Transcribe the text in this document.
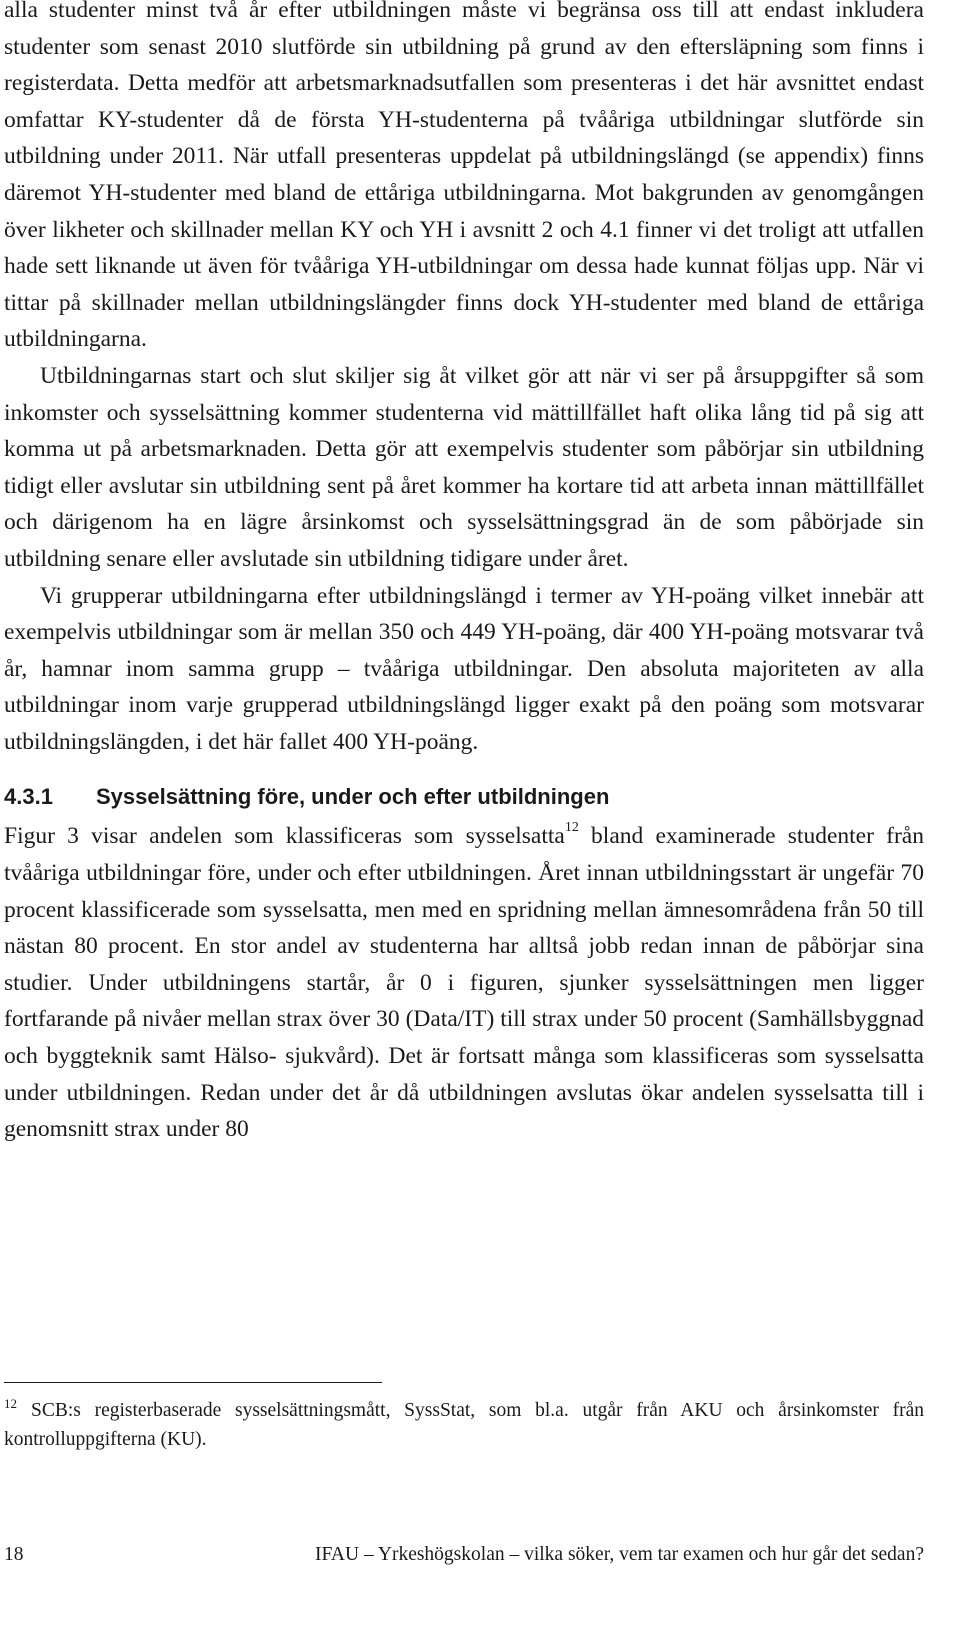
alla studenter minst två år efter utbildningen måste vi begränsa oss till att endast inkludera studenter som senast 2010 slutförde sin utbildning på grund av den eftersläpning som finns i registerdata. Detta medför att arbetsmarknadsutfallen som presenteras i det här avsnittet endast omfattar KY-studenter då de första YH-studenterna på tvååriga utbildningar slutförde sin utbildning under 2011. När utfall presenteras uppdelat på utbildningslängd (se appendix) finns däremot YH-studenter med bland de ettåriga utbildningarna. Mot bakgrunden av genomgången över likheter och skillnader mellan KY och YH i avsnitt 2 och 4.1 finner vi det troligt att utfallen hade sett liknande ut även för tvååriga YH-utbildningar om dessa hade kunnat följas upp. När vi tittar på skillnader mellan utbildningslängder finns dock YH-studenter med bland de ettåriga utbildningarna.

Utbildningarnas start och slut skiljer sig åt vilket gör att när vi ser på årsuppgifter så som inkomster och sysselsättning kommer studenterna vid mättillfället haft olika lång tid på sig att komma ut på arbetsmarknaden. Detta gör att exempelvis studenter som påbörjar sin utbildning tidigt eller avslutar sin utbildning sent på året kommer ha kortare tid att arbeta innan mättillfället och därigenom ha en lägre årsinkomst och sysselsättningsgrad än de som påbörjade sin utbildning senare eller avslutade sin utbildning tidigare under året.

Vi grupperar utbildningarna efter utbildningslängd i termer av YH-poäng vilket innebär att exempelvis utbildningar som är mellan 350 och 449 YH-poäng, där 400 YH-poäng motsvarar två år, hamnar inom samma grupp – tvååriga utbildningar. Den absoluta majoriteten av alla utbildningar inom varje grupperad utbildningslängd ligger exakt på den poäng som motsvarar utbildningslängden, i det här fallet 400 YH-poäng.

4.3.1	Sysselsättning före, under och efter utbildningen

Figur 3 visar andelen som klassificeras som sysselsatta$^{12}$ bland examinerade studenter från tvååriga utbildningar före, under och efter utbildningen. Året innan utbildningsstart är ungefär 70 procent klassificerade som sysselsatta, men med en spridning mellan ämnesområdena från 50 till nästan 80 procent. En stor andel av studenterna har alltså jobb redan innan de påbörjar sina studier. Under utbildningens startår, år 0 i figuren, sjunker sysselsättningen men ligger fortfarande på nivåer mellan strax över 30 (Data/IT) till strax under 50 procent (Samhällsbyggnad och byggteknik samt Hälso- sjukvård). Det är fortsatt många som klassificeras som sysselsatta under utbildningen. Redan under det år då utbildningen avslutas ökar andelen sysselsatta till i genomsnitt strax under 80

$^{12}$ SCB:s registerbaserade sysselsättningsmått, SyssStat, som bl.a. utgår från AKU och årsinkomster från kontrolluppgifterna (KU).

18	IFAU – Yrkeshögskolan – vilka söker, vem tar examen och hur går det sedan?
